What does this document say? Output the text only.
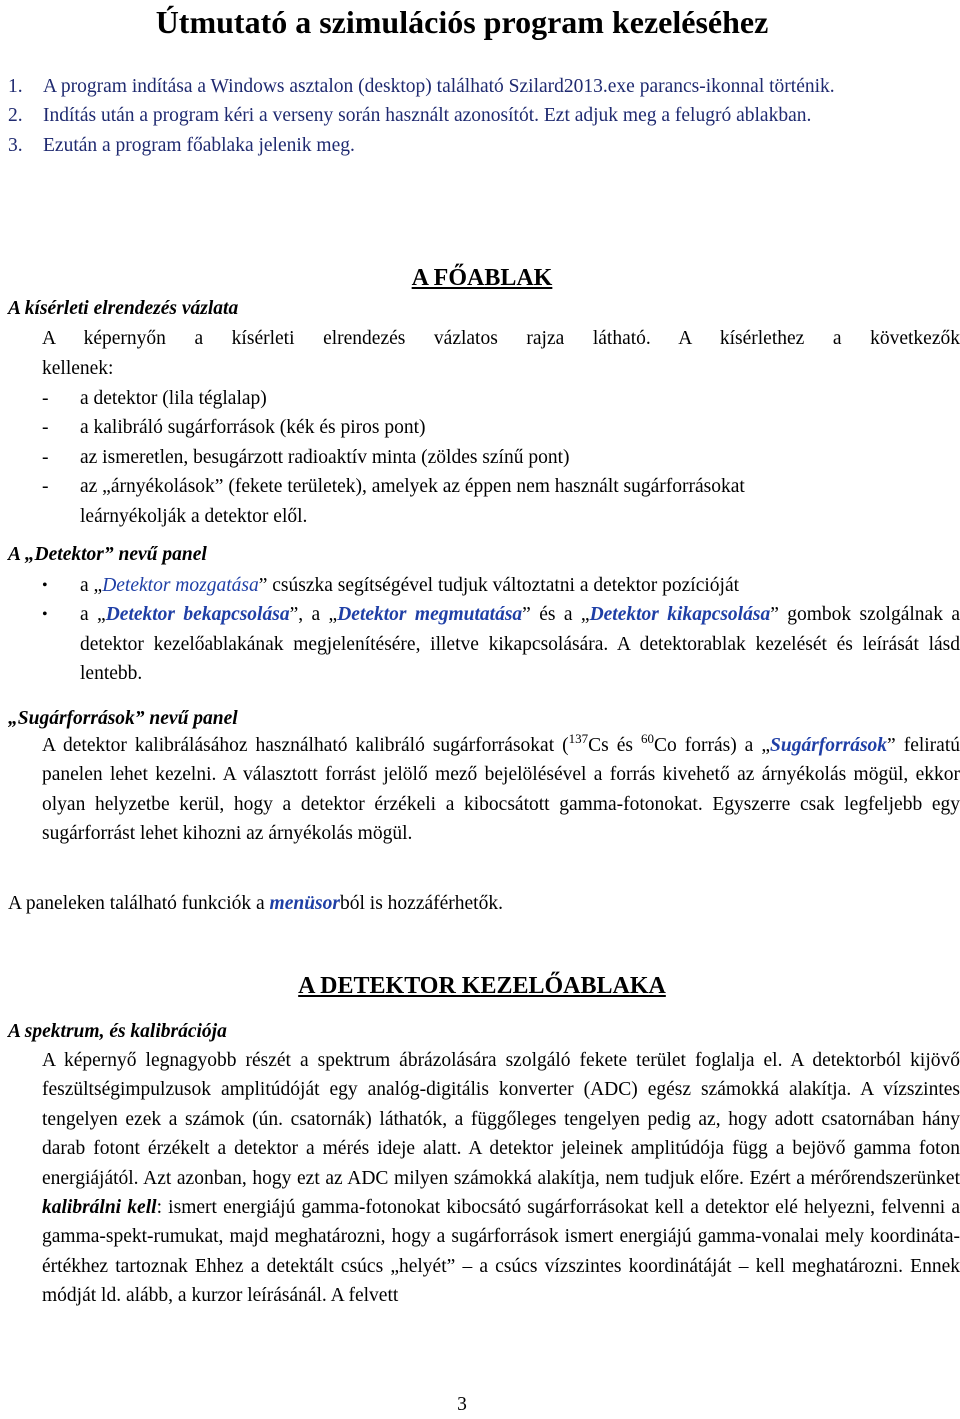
Útmutató a szimulációs program kezeléséhez
1. A program indítása a Windows asztalon (desktop) található Szilard2013.exe parancs-ikonnal történik.
2. Indítás után a program kéri a verseny során használt azonosítót. Ezt adjuk meg a felugró ablakban.
3. Ezután a program főablaka jelenik meg.
A FŐABLAK
A kísérleti elrendezés vázlata
A képernyőn a kísérleti elrendezés vázlatos rajza látható. A kísérlethez a következők
kellenek:
- a detektor (lila téglalap)
- a kalibráló sugárforrások (kék és piros pont)
- az ismeretlen, besugárzott radioaktív minta (zöldes színű pont)
- az „árnyékolások” (fekete területek), amelyek az éppen nem használt sugárforrásokat leárnyékolják a detektor elől.
A „Detektor” nevű panel
• a „Detektor mozgatása” csúszka segítségével tudjuk változtatni a detektor pozícióját
• a „Detektor bekapcsolása”, a „Detektor megmutatása” és a „Detektor kikapcsolása” gombok szolgálnak a detektor kezelőablakának megjelenítésére, illetve kikapcsolására. A detektorablak kezelését és leírását lásd lentebb.
„Sugárforrások” nevű panel
A detektor kalibrálásához használható kalibráló sugárforrásokat ($^{137}$Cs és $^{60}$Co forrás) a „Sugárforrások” feliratú panelen lehet kezelni. A választott forrást jelölő mező bejelölésével a forrás kivehető az árnyékolás mögül, ekkor olyan helyzetbe kerül, hogy a detektor érzékeli a kibocsátott gamma-fotonokat. Egyszerre csak legfeljebb egy sugárforrást lehet kihozni az árnyékolás mögül.
A paneleken található funkciók a menüsorból is hozzáférhetők.
A DETEKTOR KEZELŐABLAKA
A spektrum, és kalibrációja
A képernyő legnagyobb részét a spektrum ábrázolására szolgáló fekete terület foglalja el. A detektorból kijövő feszültségimpulzusok amplitúdóját egy analóg-digitális konverter (ADC) egész számokká alakítja. A vízszintes tengelyen ezek a számok (ún. csatornák) láthatók, a függőleges tengelyen pedig az, hogy adott csatornában hány darab fotont érzékelt a detektor a mérés ideje alatt. A detektor jeleinek amplitúdója függ a bejövő gamma foton energiájától. Azt azonban, hogy ezt az ADC milyen számokká alakítja, nem tudjuk előre. Ezért a mérőrendszerünket kalibrálni kell: ismert energiájú gamma-fotonokat kibocsátó sugárforrásokat kell a detektor elé helyezni, felvenni a gamma-spekt-rumukat, majd meghatározni, hogy a sugárforrások ismert energiájú gamma-vonalai mely koordináta-értékhez tartoznak Ehhez a detektált csúcs „helyét” – a csúcs vízszintes koordinátáját – kell meghatározni. Ennek módját ld. alább, a kurzor leírásánál. A felvett
3
